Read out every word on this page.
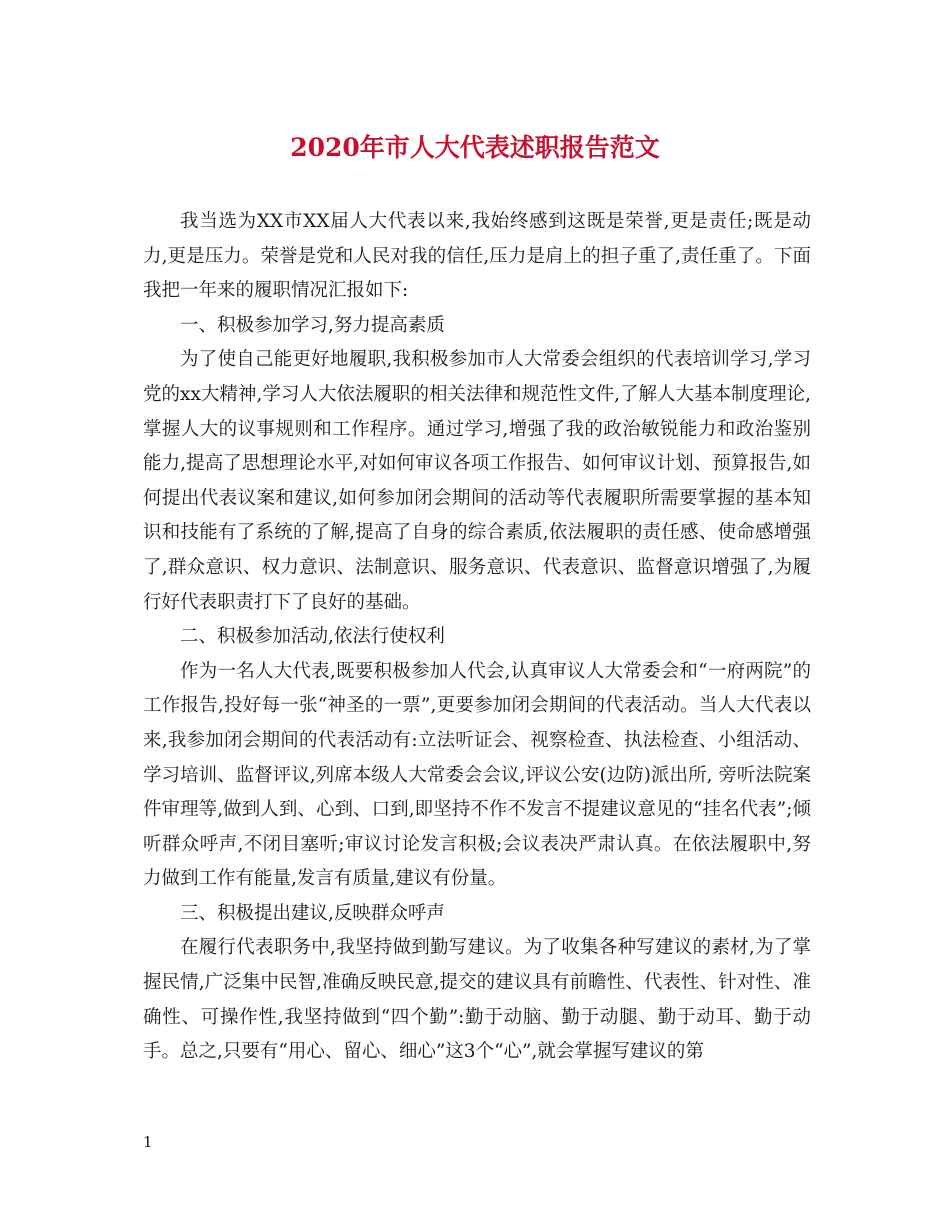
2020年市人大代表述职报告范文

我当选为XX市XX届人大代表以来,我始终感到这既是荣誉,更是责任;既是动力,更是压力。荣誉是党和人民对我的信任,压力是肩上的担子重了,责任重了。下面我把一年来的履职情况汇报如下:

一、积极参加学习,努力提高素质

为了使自己能更好地履职,我积极参加市人大常委会组织的代表培训学习,学习党的xx大精神,学习人大依法履职的相关法律和规范性文件,了解人大基本制度理论,掌握人大的议事规则和工作程序。通过学习,增强了我的政治敏锐能力和政治鉴别能力,提高了思想理论水平,对如何审议各项工作报告、如何审议计划、预算报告,如何提出代表议案和建议,如何参加闭会期间的活动等代表履职所需要掌握的基本知识和技能有了系统的了解,提高了自身的综合素质,依法履职的责任感、使命感增强了,群众意识、权力意识、法制意识、服务意识、代表意识、监督意识增强了,为履行好代表职责打下了良好的基础。

二、积极参加活动,依法行使权利

作为一名人大代表,既要积极参加人代会,认真审议人大常委会和“一府两院”的工作报告,投好每一张“神圣的一票”,更要参加闭会期间的代表活动。当人大代表以来,我参加闭会期间的代表活动有:立法听证会、视察检查、执法检查、小组活动、学习培训、监督评议,列席本级人大常委会会议,评议公安(边防)派出所, 旁听法院案件审理等,做到人到、心到、口到,即坚持不作不发言不提建议意见的“挂名代表”;倾听群众呼声,不闭目塞听;审议讨论发言积极;会议表决严肃认真。在依法履职中,努力做到工作有能量,发言有质量,建议有份量。

三、积极提出建议,反映群众呼声

在履行代表职务中,我坚持做到勤写建议。为了收集各种写建议的素材,为了掌握民情,广泛集中民智,准确反映民意,提交的建议具有前瞻性、代表性、针对性、准确性、可操作性,我坚持做到“四个勤”:勤于动脑、勤于动腿、勤于动耳、勤于动手。总之,只要有“用心、留心、细心”这3个“心”,就会掌握写建议的第

1
